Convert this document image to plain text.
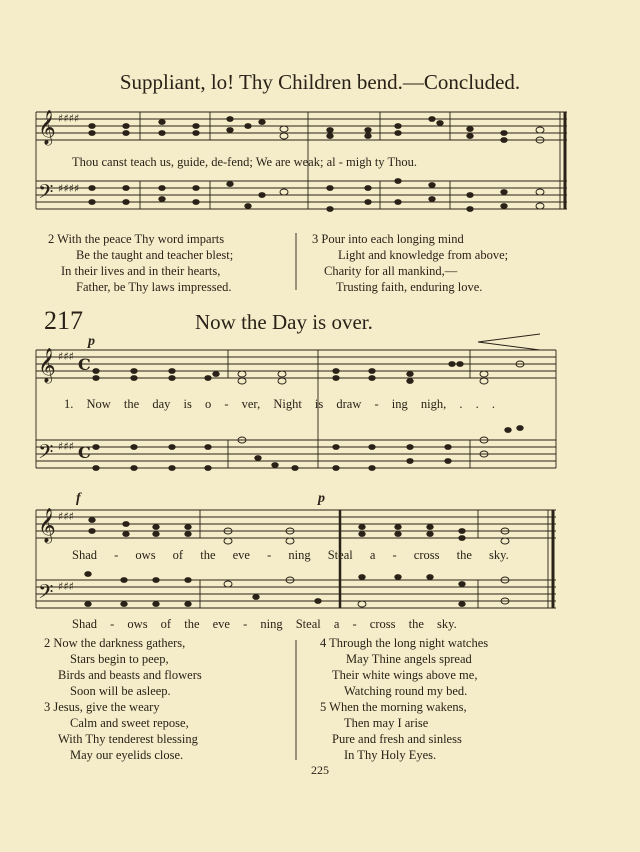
Suppliant, lo! Thy Children bend.—Concluded.
𝄞
𝄢
𝄞
𝄢
𝄞
𝄢
♯♯♯♯
♯♯♯♯
♯♯♯
♯♯♯
♯♯♯
♯♯♯
C
C
Thou canst teach us, guide, de-fend; We are weak; al - migh ty Thou.
2 With the peace Thy word imparts
Be the taught and teacher blest;
In their lives and in their hearts,
Father, be Thy laws impressed.
3 Pour into each longing mind
Light and knowledge from above;
Charity for all mankind,—
Trusting faith, enduring love.
217	Now the Day is over.
p
f	p
1. Now the day is o - ver, Night is draw - ing nigh, . . .
Shad - ows of the eve - ning Steal a - cross the sky.
Shad - ows of the eve - ning Steal a - cross the sky.
2 Now the darkness gathers,
Stars begin to peep,
Birds and beasts and flowers
Soon will be asleep.
3 Jesus, give the weary
Calm and sweet repose,
With Thy tenderest blessing
May our eyelids close.
4 Through the long night watches
May Thine angels spread
Their white wings above me,
Watching round my bed.
5 When the morning wakens,
Then may I arise
Pure and fresh and sinless
In Thy Holy Eyes.
225
